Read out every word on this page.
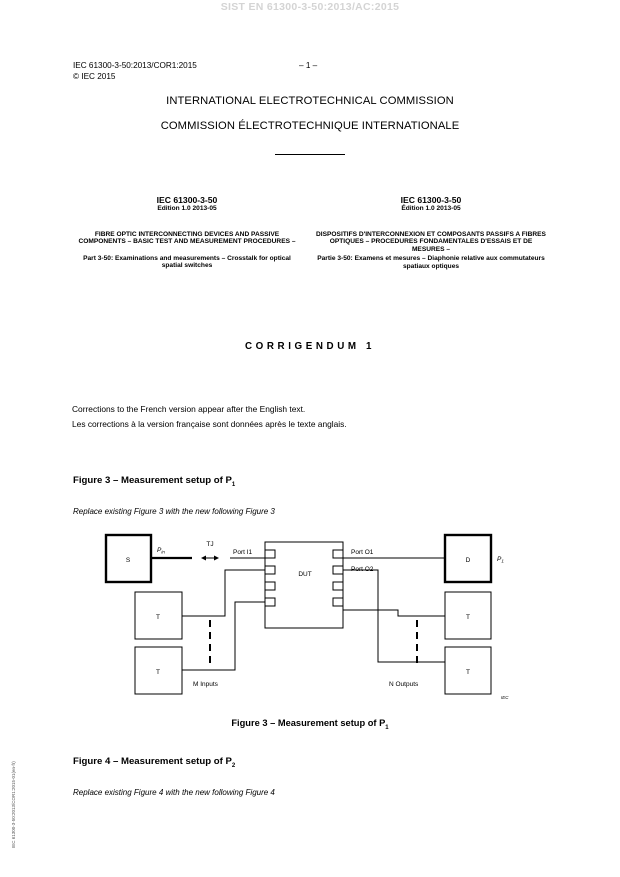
SIST EN 61300-3-50:2013/AC:2015
IEC 61300-3-50:2013/COR1:2015
© IEC 2015
– 1 –
INTERNATIONAL ELECTROTECHNICAL COMMISSION
COMMISSION ÉLECTROTECHNIQUE INTERNATIONALE
IEC 61300-3-50
Edition 1.0 2013-05
FIBRE OPTIC INTERCONNECTING DEVICES AND PASSIVE COMPONENTS – BASIC TEST AND MEASUREMENT PROCEDURES –
Part 3-50: Examinations and measurements – Crosstalk for optical spatial switches
IEC 61300-3-50
Édition 1.0 2013-05
DISPOSITIFS D'INTERCONNEXION ET COMPOSANTS PASSIFS A FIBRES OPTIQUES – PROCEDURES FONDAMENTALES D'ESSAIS ET DE MESURES –
Partie 3-50: Examens et mesures – Diaphonie relative aux commutateurs spatiaux optiques
CORRIGENDUM 1
Corrections to the French version appear after the English text.
Les corrections à la version française sont données après le texte anglais.
Figure 3 – Measurement setup of $P_1$
Replace existing Figure 3 with the new following Figure 3
S
$P_{in}$
TJ
Port I1
DUT
Port O1
Port O2
D	$P_1$
T
T
T
T
M Inputs	N Outputs
IEC
Figure 3 – Measurement setup of $P_1$
Figure 4 – Measurement setup of $P_2$
Replace existing Figure 4 with the new following Figure 4
IEC 61300-3-50:2013/COR1:2015-01(en-fr)
